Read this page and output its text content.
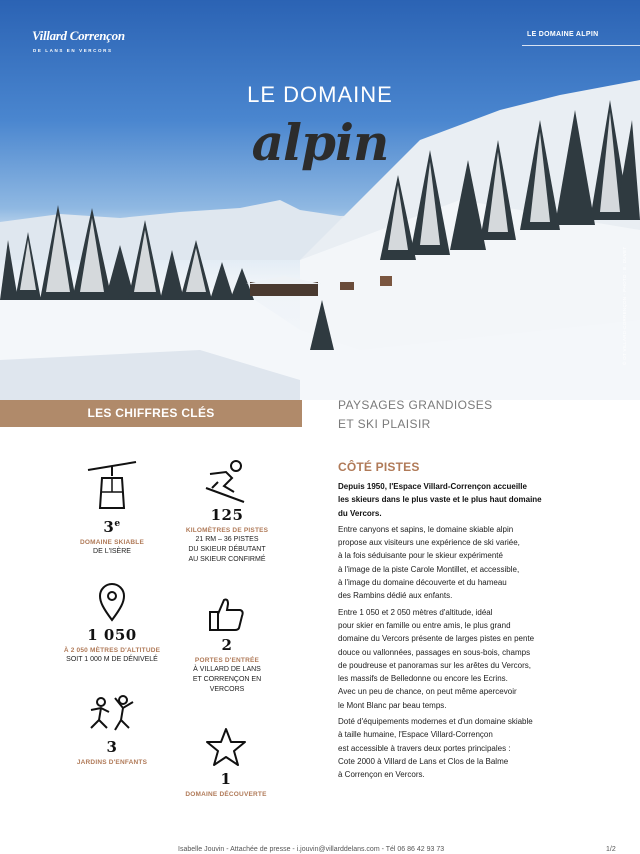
Villard Corrençon
DE LANS EN VERCORS
LE DOMAINE ALPIN
LE DOMAINE
alpin
© OT VILLARD-CORRENÇON - PHOTO : E. DUVET
LES CHIFFRES CLÉS
3e
DOMAINE SKIABLE
DE L'ISÈRE
125
KILOMÈTRES DE PISTES
21 RM – 36 PISTES
DU SKIEUR DÉBUTANT
AU SKIEUR CONFIRMÉ
1 050
À 2 050 MÈTRES D'ALTITUDE
SOIT 1 000 M DE DÉNIVELÉ
2
PORTES D'ENTRÉE
À VILLARD DE LANS
ET CORRENÇON EN
VERCORS
3
JARDINS D'ENFANTS
1
DOMAINE DÉCOUVERTE
PAYSAGES GRANDIOSES
ET SKI PLAISIR
CÔTÉ PISTES

Depuis 1950, l'Espace Villard-Corrençon accueille
les skieurs dans le plus vaste et le plus haut domaine
du Vercors.

Entre canyons et sapins, le domaine skiable alpin
propose aux visiteurs une expérience de ski variée,
à la fois séduisante pour le skieur expérimenté
à l'image de la piste Carole Montillet, et accessible,
à l'image du domaine découverte et du hameau
des Rambins dédié aux enfants.

Entre 1 050 et 2 050 mètres d'altitude, idéal
pour skier en famille ou entre amis, le plus grand
domaine du Vercors présente de larges pistes en pente
douce ou vallonnées, passages en sous-bois, champs
de poudreuse et panoramas sur les arêtes du Vercors,
les massifs de Belledonne ou encore les Ecrins.
Avec un peu de chance, on peut même apercevoir
le Mont Blanc par beau temps.

Doté d'équipements modernes et d'un domaine skiable
à taille humaine, l'Espace Villard-Corrençon
est accessible à travers deux portes principales :
Cote 2000 à Villard de Lans et Clos de la Balme
à Corrençon en Vercors.

Isabelle Jouvin - Attachée de presse - i.jouvin@villarddelans.com - Tél 06 86 42 93 73	1/2
